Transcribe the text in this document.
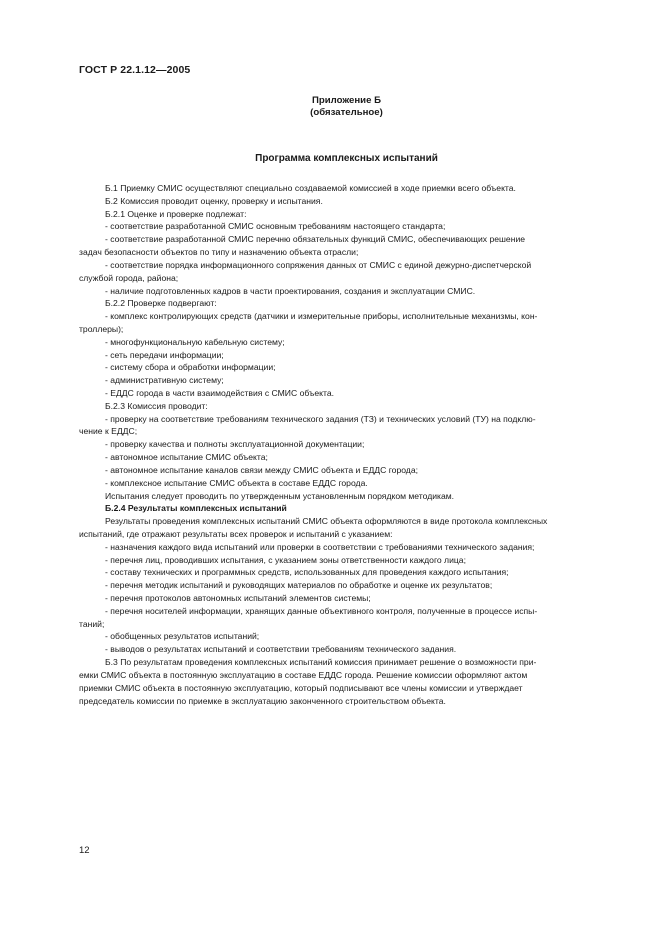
ГОСТ Р 22.1.12—2005
Приложение Б
(обязательное)
Программа комплексных испытаний

Б.1 Приемку СМИС осуществляют специально создаваемой комиссией в ходе приемки всего объекта.

Б.2 Комиссия проводит оценку, проверку и испытания.

Б.2.1 Оценке и проверке подлежат:

- соответствие разработанной СМИС основным требованиям настоящего стандарта;

- соответствие разработанной СМИС перечню обязательных функций СМИС, обеспечивающих решение

задач безопасности объектов по типу и назначению объекта отрасли;

- соответствие порядка информационного сопряжения данных от СМИС с единой дежурно-диспетчерской

службой города, района;

- наличие подготовленных кадров в части проектирования, создания и эксплуатации СМИС.

Б.2.2 Проверке подвергают:

- комплекс контролирующих средств (датчики и измерительные приборы, исполнительные механизмы, кон-

троллеры);

- многофункциональную кабельную систему;

- сеть передачи информации;

- систему сбора и обработки информации;

- административную систему;

- ЕДДС города в части взаимодействия с СМИС объекта.

Б.2.3 Комиссия проводит:

- проверку на соответствие требованиям технического задания (ТЗ) и технических условий (ТУ) на подклю-

чение к ЕДДС;

- проверку качества и полноты эксплуатационной документации;

- автономное испытание СМИС объекта;

- автономное испытание каналов связи между СМИС объекта и ЕДДС города;

- комплексное испытание СМИС объекта в составе ЕДДС города.

Испытания следует проводить по утвержденным установленным порядком методикам.

Б.2.4 Результаты комплексных испытаний

Результаты проведения комплексных испытаний СМИС объекта оформляются в виде протокола комплексных

испытаний, где отражают результаты всех проверок и испытаний с указанием:

- назначения каждого вида испытаний или проверки в соответствии с требованиями технического задания;

- перечня лиц, проводивших испытания, с указанием зоны ответственности каждого лица;

- составу технических и программных средств, использованных для проведения каждого испытания;

- перечня методик испытаний и руководящих материалов по обработке и оценке их результатов;

- перечня протоколов автономных испытаний элементов системы;

- перечня носителей информации, хранящих данные объективного контроля, полученные в процессе испы-

таний;

- обобщенных результатов испытаний;

- выводов о результатах испытаний и соответствии требованиям технического задания.

Б.3 По результатам проведения комплексных испытаний комиссия принимает решение о возможности при-

емки СМИС объекта в постоянную эксплуатацию в составе ЕДДС города. Решение комиссии оформляют актом

приемки СМИС объекта в постоянную эксплуатацию, который подписывают все члены комиссии и утверждает

председатель комиссии по приемке в эксплуатацию законченного строительством объекта.

12
